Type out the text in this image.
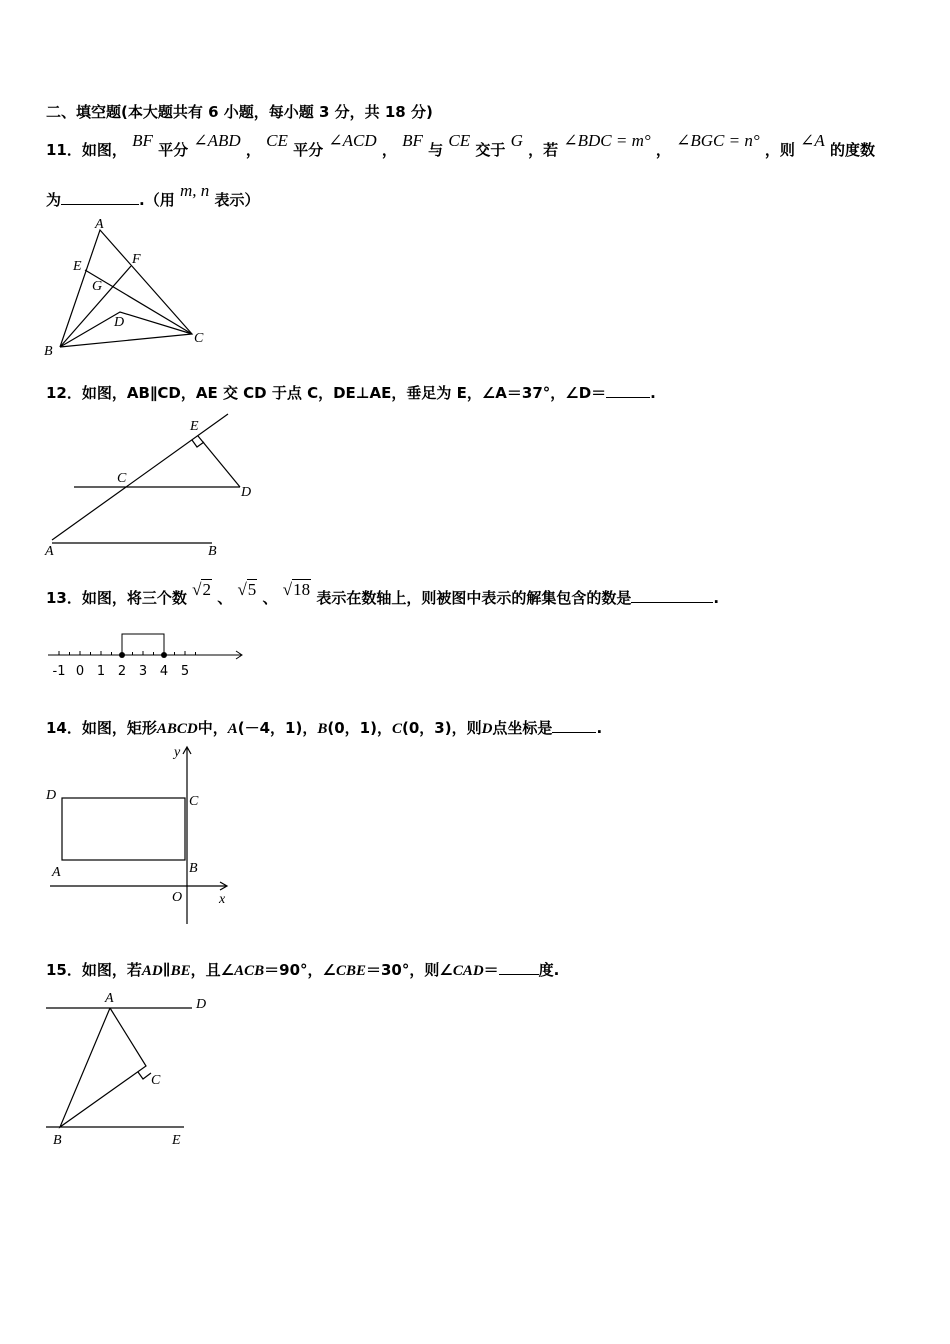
二、填空题(本大题共有 6 小题，每小题 3 分，共 18 分)
11．如图， BF 平分 ∠ABD ， CE 平分 ∠ACD ， BF 与 CE 交于 G ，若 ∠BDC = m° ， ∠BGC = n° ，则 ∠A 的度数
为	.（用 m, n 表示）
A
E	F
G
D
B
C
12．如图，AB∥CD，AE 交 CD 于点 C，DE⊥AE，垂足为 E，∠A＝37°，∠D＝	.
E
C
D
A	B
13．如图，将三个数 √2 、 √5 、 √18 表示在数轴上，则被图中表示的解集包含的数是	.
-1 0 1 2 3 4 5
14．如图，矩形ABCD中，A(－4，1)，B(0，1)，C(0，3)，则D点坐标是	.
y
D	C
B
A
O	x
15．如图，若AD∥BE，且∠ACB＝90°，∠CBE＝30°，则∠CAD＝	度.
A	D
C
B	E
